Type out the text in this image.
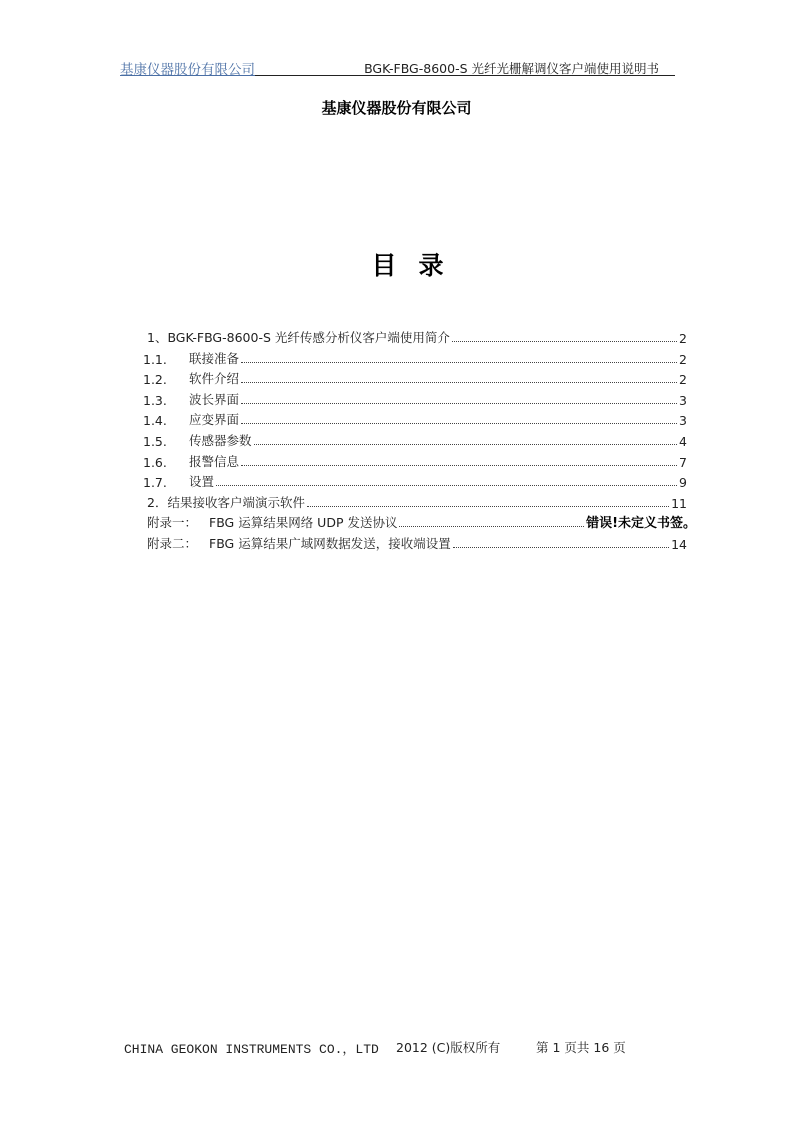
基康仪器股份有限公司	BGK-FBG-8600-S 光纤光栅解调仪客户端使用说明书
基康仪器股份有限公司
目录
1、 BGK-FBG-8600-S 光纤传感分析仪客户端使用简介	2
1.1.	联接准备	2
1.2.	软件介绍	2
1.3.	波长界面	3
1.4.	应变界面	3
1.5.	传感器参数	4
1.6.	报警信息	7
1.7.	设置	9
2． 结果接收客户端演示软件	11
附录一： FBG 运算结果网络 UDP 发送协议	错误!未定义书签。
附录二： FBG 运算结果广域网数据发送，接收端设置	14
CHINA GEOKON INSTRUMENTS CO.，LTD 2012 (C)版权所有	第 1 页共 16 页
